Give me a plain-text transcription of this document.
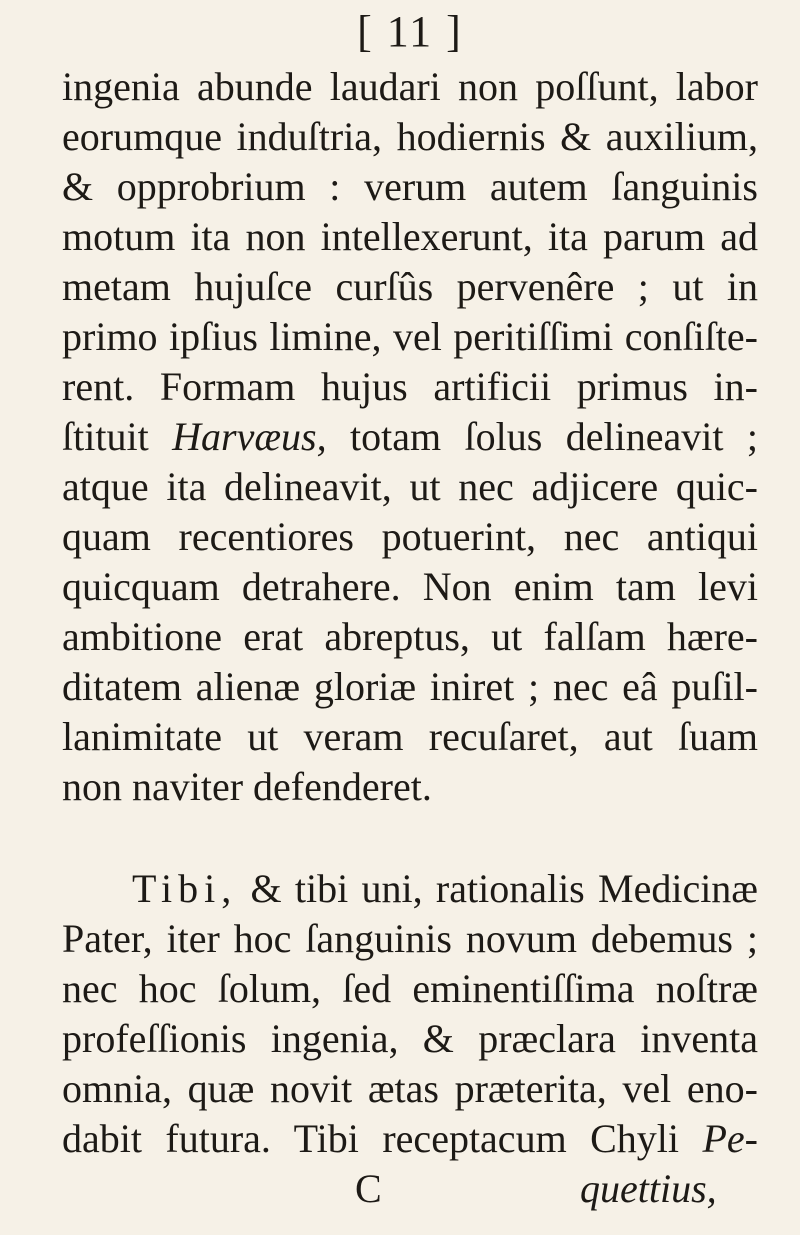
[ 11 ]
ingenia abunde laudari non poſſunt, labor
eorumque induſtria, hodiernis & auxilium,
& opprobrium : verum autem ſanguinis
motum ita non intellexerunt, ita parum ad
metam hujuſce curſûs pervenêre ; ut in
primo ipſius limine, vel peritiſſimi conſiſte-
rent. Formam hujus artificii primus in-
ſtituit Harvæus, totam ſolus delineavit ;
atque ita delineavit, ut nec adjicere quic-
quam recentiores potuerint, nec antiqui
quicquam detrahere. Non enim tam levi
ambitione erat abreptus, ut falſam hære-
ditatem alienæ gloriæ iniret ; nec eâ puſil-
lanimitate ut veram recuſaret, aut ſuam
non naviter defenderet.
Tibi, & tibi uni, rationalis Medicinæ
Pater, iter hoc ſanguinis novum debemus ;
nec hoc ſolum, ſed eminentiſſima noſtræ
profeſſionis ingenia, & præclara inventa
omnia, quæ novit ætas præterita, vel eno-
dabit futura. Tibi receptacum Chyli Pe-
C	quettius,
